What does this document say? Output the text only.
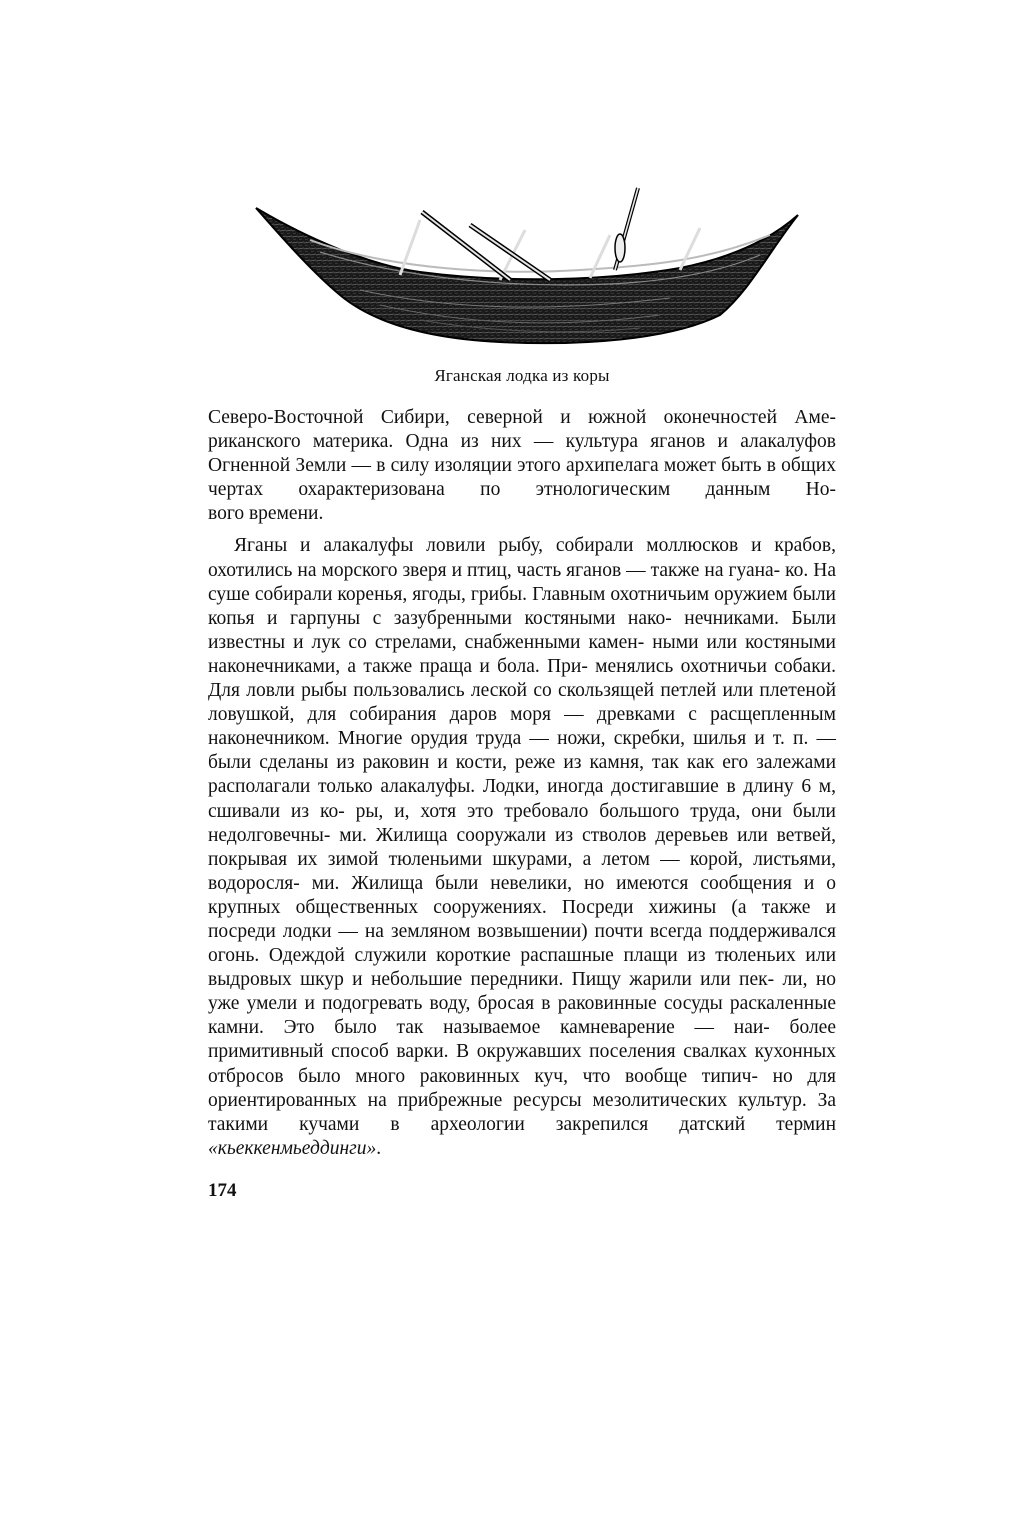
Яганская лодка из коры

Северо-Восточной Сибири, северной и южной оконечностей Аме- риканского материка. Одна из них — культура яганов и алакалуфов Огненной Земли — в силу изоляции этого архипелага может быть в общих чертах охарактеризована по этнологическим данным Но-

вого времени.

Яганы и алакалуфы ловили рыбу, собирали моллюсков и крабов, охотились на морского зверя и птиц, часть яганов — также на гуана- ко. На суше собирали коренья, ягоды, грибы. Главным охотничьим оружием были копья и гарпуны с зазубренными костяными нако- нечниками. Были известны и лук со стрелами, снабженными камен- ными или костяными наконечниками, а также праща и бола. При- менялись охотничьи собаки. Для ловли рыбы пользовались леской со скользящей петлей или плетеной ловушкой, для собирания даров моря — древками с расщепленным наконечником. Многие орудия труда — ножи, скребки, шилья и т. п. — были сделаны из раковин и кости, реже из камня, так как его залежами располагали только алакалуфы. Лодки, иногда достигавшие в длину 6 м, сшивали из ко- ры, и, хотя это требовало большого труда, они были недолговечны- ми. Жилища сооружали из стволов деревьев или ветвей, покрывая их зимой тюленьими шкурами, а летом — корой, листьями, водоросля- ми. Жилища были невелики, но имеются сообщения и о крупных общественных сооружениях. Посреди хижины (а также и посреди лодки — на земляном возвышении) почти всегда поддерживался огонь. Одеждой служили короткие распашные плащи из тюленьих или выдровых шкур и небольшие передники. Пищу жарили или пек- ли, но уже умели и подогревать воду, бросая в раковинные сосуды раскаленные камни. Это было так называемое камневарение — наи- более примитивный способ варки. В окружавших поселения свалках кухонных отбросов было много раковинных куч, что вообще типич- но для ориентированных на прибрежные ресурсы мезолитических культур. За такими кучами в археологии закрепился датский термин

«кьеккенмьеддинги».

174
